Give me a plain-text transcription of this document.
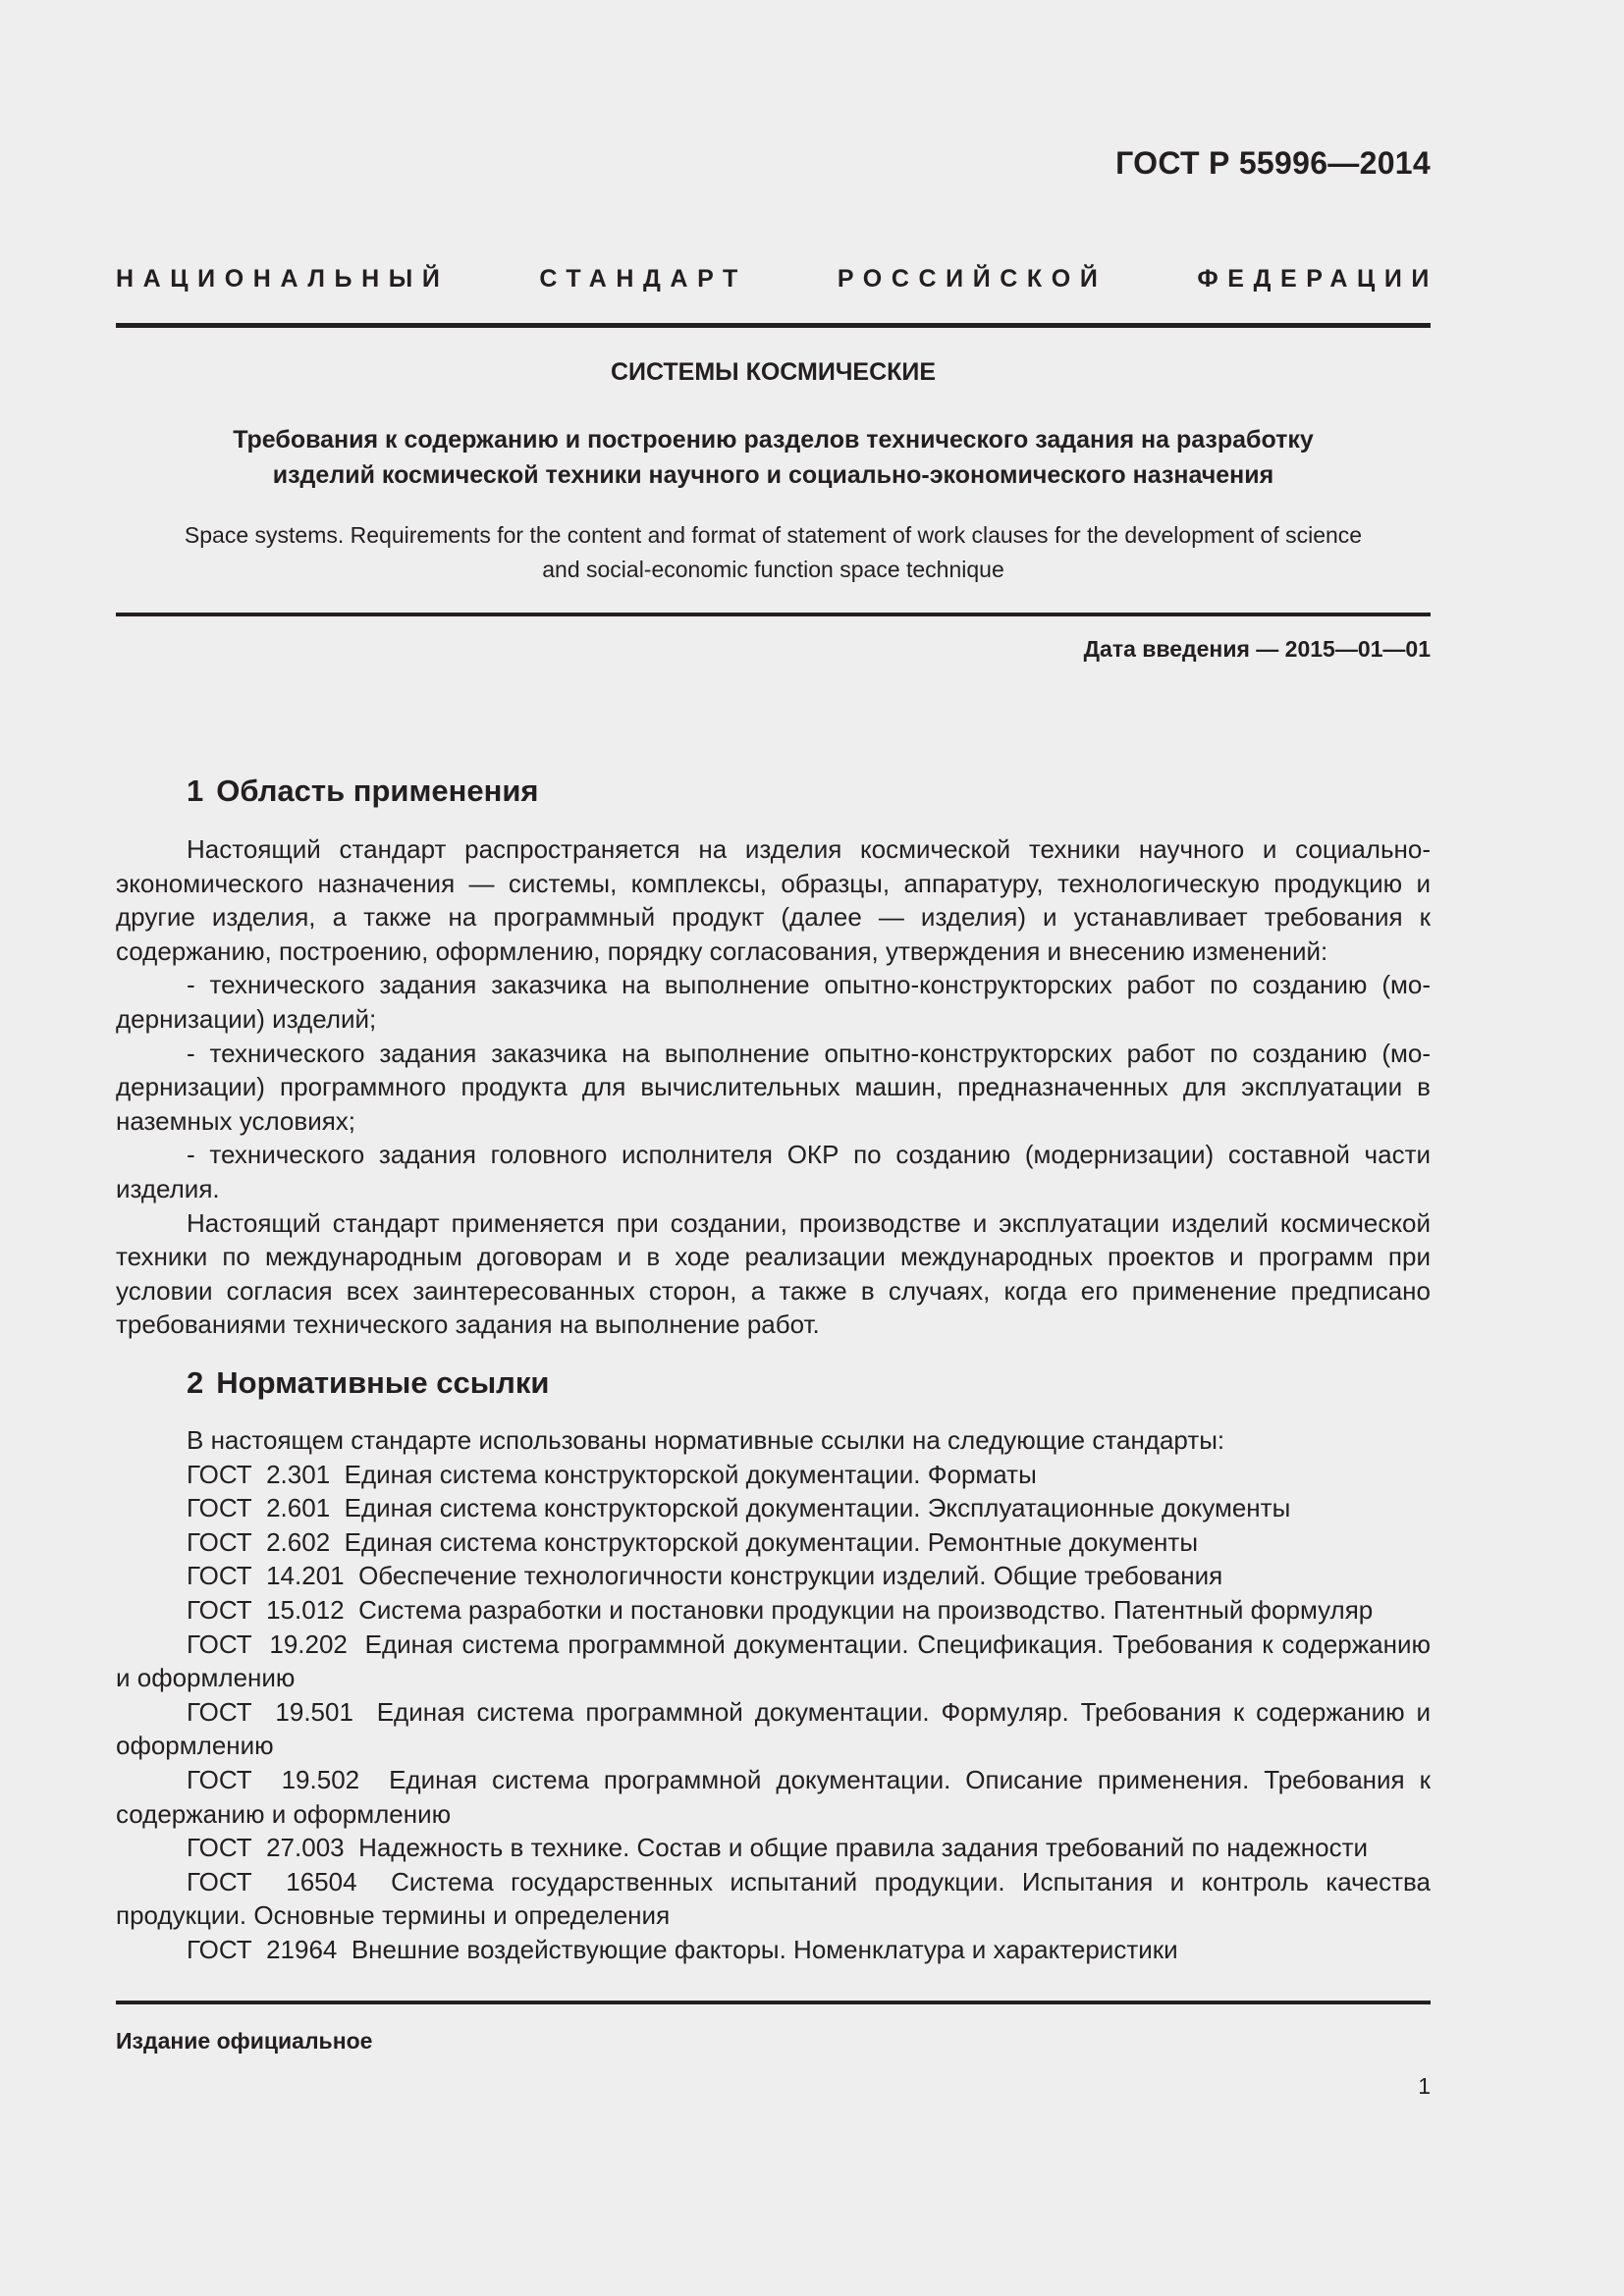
ГОСТ Р 55996—2014
НАЦИОНАЛЬНЫЙ СТАНДАРТ РОССИЙСКОЙ ФЕДЕРАЦИИ
СИСТЕМЫ КОСМИЧЕСКИЕ
Требования к содержанию и построению разделов технического задания на разработку
изделий космической техники научного и социально-экономического назначения
Space systems. Requirements for the content and format of statement of work clauses for the development of science
and social-economic function space technique
Дата введения — 2015—01—01
1 Область применения

Настоящий стандарт распространяется на изделия космической техники научного и социально-экономического назначения — системы, комплексы, образцы, аппаратуру, технологическую продукцию и другие изделия, а также на программный продукт (далее — изделия) и устанавливает требования к содержанию, построению, оформлению, порядку согласования, утверждения и внесению изменений:

- технического задания заказчика на выполнение опытно-конструкторских работ по созданию (модернизации) изделий;

- технического задания заказчика на выполнение опытно-конструкторских работ по созданию (модернизации) программного продукта для вычислительных машин, предназначенных для эксплуатации в наземных условиях;

- технического задания головного исполнителя ОКР по созданию (модернизации) составной части изделия.

Настоящий стандарт применяется при создании, производстве и эксплуатации изделий космической техники по международным договорам и в ходе реализации международных проектов и программ при условии согласия всех заинтересованных сторон, а также в случаях, когда его применение предписано требованиями технического задания на выполнение работ.

2 Нормативные ссылки

В настоящем стандарте использованы нормативные ссылки на следующие стандарты:

ГОСТ  2.301 Единая система конструкторской документации. Форматы

ГОСТ  2.601 Единая система конструкторской документации. Эксплуатационные документы

ГОСТ  2.602 Единая система конструкторской документации. Ремонтные документы

ГОСТ  14.201 Обеспечение технологичности конструкции изделий. Общие требования

ГОСТ  15.012 Система разработки и постановки продукции на производство. Патентный формуляр

ГОСТ  19.202 Единая система программной документации. Спецификация. Требования к содержанию и оформлению

ГОСТ  19.501 Единая система программной документации. Формуляр. Требования к содержанию и оформлению

ГОСТ  19.502 Единая система программной документации. Описание применения. Требования к содержанию и оформлению

ГОСТ  27.003 Надежность в технике. Состав и общие правила задания требований по надежности

ГОСТ  16504 Система государственных испытаний продукции. Испытания и контроль качества продукции. Основные термины и определения

ГОСТ  21964 Внешние воздействующие факторы. Номенклатура и характеристики

Издание официальное
1
